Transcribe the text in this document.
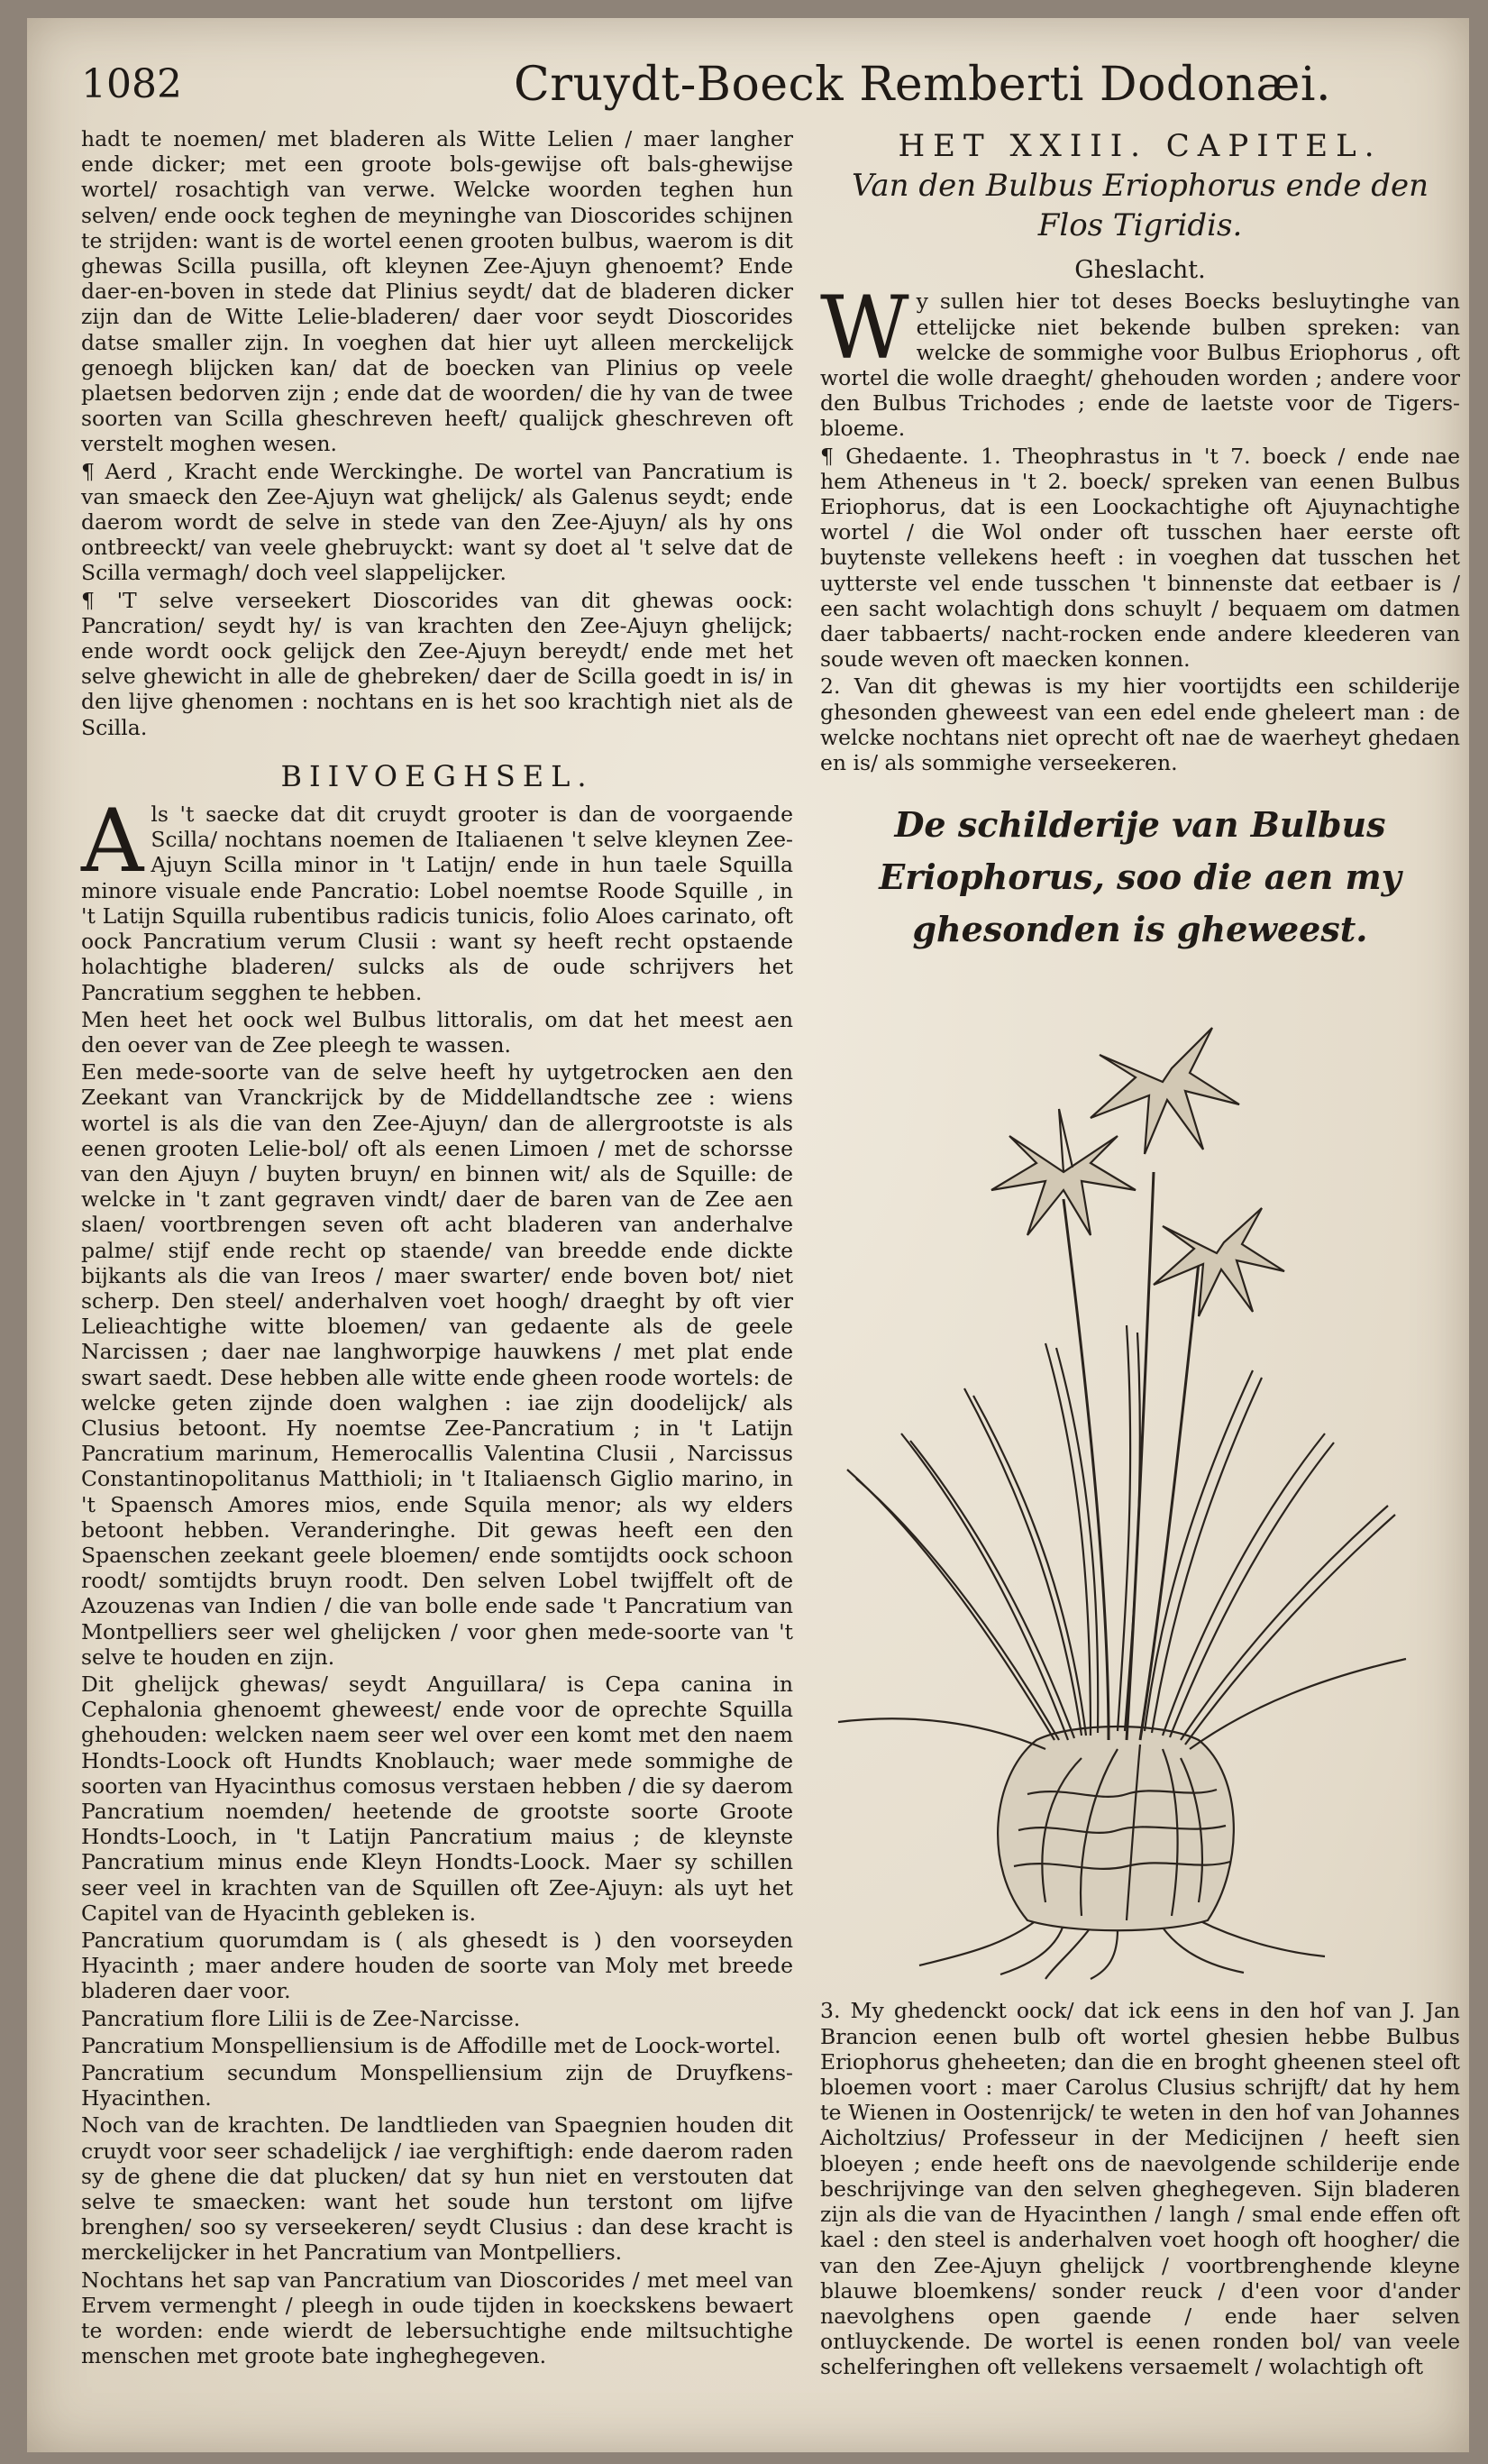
1082	Cruydt-Boeck Remberti Dodonæi.

hadt te noemen/ met bladeren als Witte Lelien / maer langher ende dicker; met een groote bols-gewijse oft bals-ghewijse wortel/ rosachtigh van verwe. Welcke woorden teghen hun selven/ ende oock teghen de meyninghe van Dioscorides schijnen te strijden: want is de wortel eenen grooten bulbus, waerom is dit ghewas Scilla pusilla, oft kleynen Zee-Ajuyn ghenoemt? Ende daer-en-boven in stede dat Plinius seydt/ dat de bladeren dicker zijn dan de Witte Lelie-bladeren/ daer voor seydt Dioscorides datse smaller zijn. In voeghen dat hier uyt alleen merckelijck genoegh blijcken kan/ dat de boecken van Plinius op veele plaetsen bedorven zijn ; ende dat de woorden/ die hy van de twee soorten van Scilla gheschreven heeft/ qualijck gheschreven oft verstelt moghen wesen.

¶ Aerd , Kracht ende Werckinghe. De wortel van Pancratium is van smaeck den Zee-Ajuyn wat ghelijck/ als Galenus seydt; ende daerom wordt de selve in stede van den Zee-Ajuyn/ als hy ons ontbreeckt/ van veele ghebruyckt: want sy doet al 't selve dat de Scilla vermagh/ doch veel slappelijcker.

¶ 'T selve verseekert Dioscorides van dit ghewas oock: Pancration/ seydt hy/ is van krachten den Zee-Ajuyn ghelijck; ende wordt oock gelijck den Zee-Ajuyn bereydt/ ende met het selve ghewicht in alle de ghebreken/ daer de Scilla goedt in is/ in den lijve ghenomen : nochtans en is het soo krachtigh niet als de Scilla.

BIIVOEGHSEL.

Als 't saecke dat dit cruydt grooter is dan de voorgaende Scilla/ nochtans noemen de Italiaenen 't selve kleynen Zee-Ajuyn Scilla minor in 't Latijn/ ende in hun taele Squilla minore visuale ende Pancratio: Lobel noemtse Roode Squille , in 't Latijn Squilla rubentibus radicis tunicis, folio Aloes carinato, oft oock Pancratium verum Clusii : want sy heeft recht opstaende holachtighe bladeren/ sulcks als de oude schrijvers het Pancratium segghen te hebben.

Men heet het oock wel Bulbus littoralis, om dat het meest aen den oever van de Zee pleegh te wassen.

Een mede-soorte van de selve heeft hy uytgetrocken aen den Zeekant van Vranckrijck by de Middellandtsche zee : wiens wortel is als die van den Zee-Ajuyn/ dan de allergrootste is als eenen grooten Lelie-bol/ oft als eenen Limoen / met de schorsse van den Ajuyn / buyten bruyn/ en binnen wit/ als de Squille: de welcke in 't zant gegraven vindt/ daer de baren van de Zee aen slaen/ voortbrengen seven oft acht bladeren van anderhalve palme/ stijf ende recht op staende/ van breedde ende dickte bijkants als die van Ireos / maer swarter/ ende boven bot/ niet scherp. Den steel/ anderhalven voet hoogh/ draeght by oft vier Lelieachtighe witte bloemen/ van gedaente als de geele Narcissen ; daer nae langhworpige hauwkens / met plat ende swart saedt. Dese hebben alle witte ende gheen roode wortels: de welcke geten zijnde doen walghen : iae zijn doodelijck/ als Clusius betoont. Hy noemtse Zee-Pancratium ; in 't Latijn Pancratium marinum, Hemerocallis Valentina Clusii , Narcissus Constantinopolitanus Matthioli; in 't Italiaensch Giglio marino, in 't Spaensch Amores mios, ende Squila menor; als wy elders betoont hebben. Veranderinghe. Dit gewas heeft een den Spaenschen zeekant geele bloemen/ ende somtijdts oock schoon roodt/ somtijdts bruyn roodt. Den selven Lobel twijffelt oft de Azouzenas van Indien / die van bolle ende sade 't Pancratium van Montpelliers seer wel ghelijcken / voor ghen mede-soorte van 't selve te houden en zijn.

Dit ghelijck ghewas/ seydt Anguillara/ is Cepa canina in Cephalonia ghenoemt gheweest/ ende voor de oprechte Squilla ghehouden: welcken naem seer wel over een komt met den naem Hondts-Loock oft Hundts Knoblauch; waer mede sommighe de soorten van Hyacinthus comosus verstaen hebben / die sy daerom Pancratium noemden/ heetende de grootste soorte Groote Hondts-Looch, in 't Latijn Pancratium maius ; de kleynste Pancratium minus ende Kleyn Hondts-Loock. Maer sy schillen seer veel in krachten van de Squillen oft Zee-Ajuyn: als uyt het Capitel van de Hyacinth gebleken is.

Pancratium quorumdam is ( als ghesedt is ) den voorseyden Hyacinth ; maer andere houden de soorte van Moly met breede bladeren daer voor.

Pancratium flore Lilii is de Zee-Narcisse.

Pancratium Monspelliensium is de Affodille met de Loock-wortel.

Pancratium secundum Monspelliensium zijn de Druyfkens-Hyacinthen.

Noch van de krachten. De landtlieden van Spaegnien houden dit cruydt voor seer schadelijck / iae verghiftigh: ende daerom raden sy de ghene die dat plucken/ dat sy hun niet en verstouten dat selve te smaecken: want het soude hun terstont om lijfve brenghen/ soo sy verseekeren/ seydt Clusius : dan dese kracht is merckelijcker in het Pancratium van Montpelliers.

Nochtans het sap van Pancratium van Dioscorides / met meel van Ervem vermenght / pleegh in oude tijden in koeckskens bewaert te worden: ende wierdt de lebersuchtighe ende miltsuchtighe menschen met groote bate ingheghegeven.

HET XXIII. CAPITEL.
Van den Bulbus Eriophorus ende den Flos Tigridis.
Gheslacht.

Wy sullen hier tot deses Boecks besluytinghe van ettelijcke niet bekende bulben spreken: van welcke de sommighe voor Bulbus Eriophorus , oft wortel die wolle draeght/ ghehouden worden ; andere voor den Bulbus Trichodes ; ende de laetste voor de Tigers-bloeme.

¶ Ghedaente. 1. Theophrastus in 't 7. boeck / ende nae hem Atheneus in 't 2. boeck/ spreken van eenen Bulbus Eriophorus, dat is een Loockachtighe oft Ajuynachtighe wortel / die Wol onder oft tusschen haer eerste oft buytenste vellekens heeft : in voeghen dat tusschen het uytterste vel ende tusschen 't binnenste dat eetbaer is / een sacht wolachtigh dons schuylt / bequaem om datmen daer tabbaerts/ nacht-rocken ende andere kleederen van soude weven oft maecken konnen.

2. Van dit ghewas is my hier voortijdts een schilderije ghesonden gheweest van een edel ende gheleert man : de welcke nochtans niet oprecht oft nae de waerheyt ghedaen en is/ als sommighe verseekeren.

De schilderije van Bulbus Eriophorus, soo die aen my ghesonden is gheweest.

3. My ghedenckt oock/ dat ick eens in den hof van J. Jan Brancion eenen bulb oft wortel ghesien hebbe Bulbus Eriophorus gheheeten; dan die en broght gheenen steel oft bloemen voort : maer Carolus Clusius schrijft/ dat hy hem te Wienen in Oostenrijck/ te weten in den hof van Johannes Aicholtzius/ Professeur in der Medicijnen / heeft sien bloeyen ; ende heeft ons de naevolgende schilderije ende beschrijvinge van den selven gheghegeven. Sijn bladeren zijn als die van de Hyacinthen / langh / smal ende effen oft kael : den steel is anderhalven voet hoogh oft hoogher/ die van den Zee-Ajuyn ghelijck / voortbrenghende kleyne blauwe bloemkens/ sonder reuck / d'een voor d'ander naevolghens open gaende / ende haer selven ontluyckende. De wortel is eenen ronden bol/ van veele schelferinghen oft vellekens versaemelt / wolachtigh oft
